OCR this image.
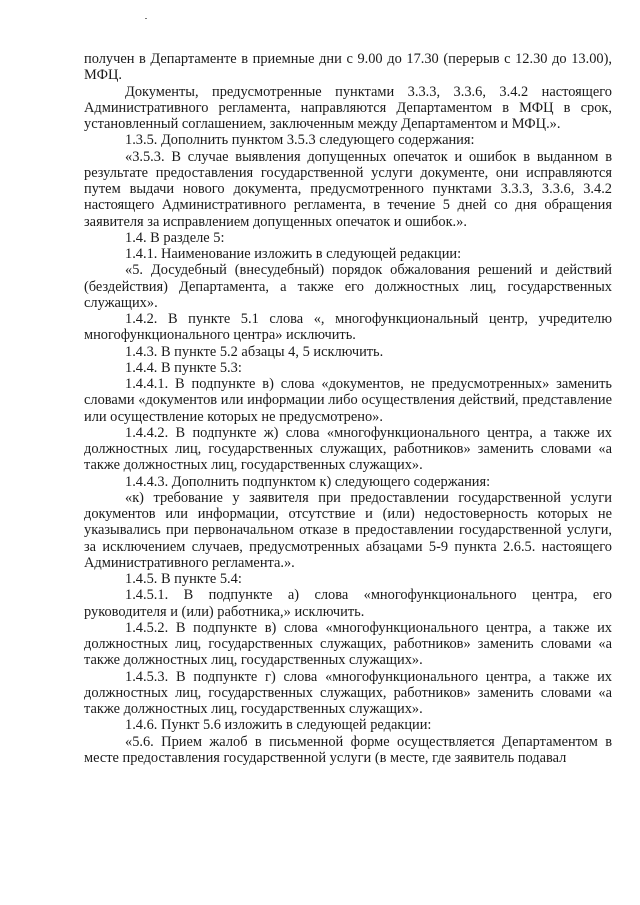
получен в Департаменте в приемные дни с 9.00 до 17.30 (перерыв с 12.30 до 13.00), МФЦ.

Документы, предусмотренные пунктами 3.3.3, 3.3.6, 3.4.2 настоящего Административного регламента, направляются Департаментом в МФЦ в срок, установленный соглашением, заключенным между Департаментом и МФЦ.».

1.3.5. Дополнить пунктом 3.5.3 следующего содержания:

«3.5.3. В случае выявления допущенных опечаток и ошибок в выданном в результате предоставления государственной услуги документе, они исправляются путем выдачи нового документа, предусмотренного пунктами 3.3.3, 3.3.6, 3.4.2 настоящего Административного регламента, в течение 5 дней со дня обращения заявителя за исправлением допущенных опечаток и ошибок.».

1.4. В разделе 5:

1.4.1. Наименование изложить в следующей редакции:

«5. Досудебный (внесудебный) порядок обжалования решений и действий (бездействия) Департамента, а также его должностных лиц, государственных служащих».

1.4.2. В пункте 5.1 слова «, многофункциональный центр, учредителю многофункционального центра» исключить.

1.4.3. В пункте 5.2 абзацы 4, 5 исключить.

1.4.4. В пункте 5.3:

1.4.4.1. В подпункте в) слова «документов, не предусмотренных» заменить словами «документов или информации либо осуществления действий, представление или осуществление которых не предусмотрено».

1.4.4.2. В подпункте ж) слова «многофункционального центра, а также их должностных лиц, государственных служащих, работников» заменить словами «а также должностных лиц, государственных служащих».

1.4.4.3. Дополнить подпунктом к) следующего содержания:

«к) требование у заявителя при предоставлении государственной услуги документов или информации, отсутствие и (или) недостоверность которых не указывались при первоначальном отказе в предоставлении государственной услуги, за исключением случаев, предусмотренных абзацами 5-9 пункта 2.6.5. настоящего Административного регламента.».

1.4.5. В пункте 5.4:

1.4.5.1. В подпункте а) слова «многофункционального центра, его руководителя и (или) работника,» исключить.

1.4.5.2. В подпункте в) слова «многофункционального центра, а также их должностных лиц, государственных служащих, работников» заменить словами «а также должностных лиц, государственных служащих».

1.4.5.3. В подпункте г) слова «многофункционального центра, а также их должностных лиц, государственных служащих, работников» заменить словами «а также должностных лиц, государственных служащих».

1.4.6. Пункт 5.6 изложить в следующей редакции:

«5.6. Прием жалоб в письменной форме осуществляется Департаментом в месте предоставления государственной услуги (в месте, где заявитель подавал
